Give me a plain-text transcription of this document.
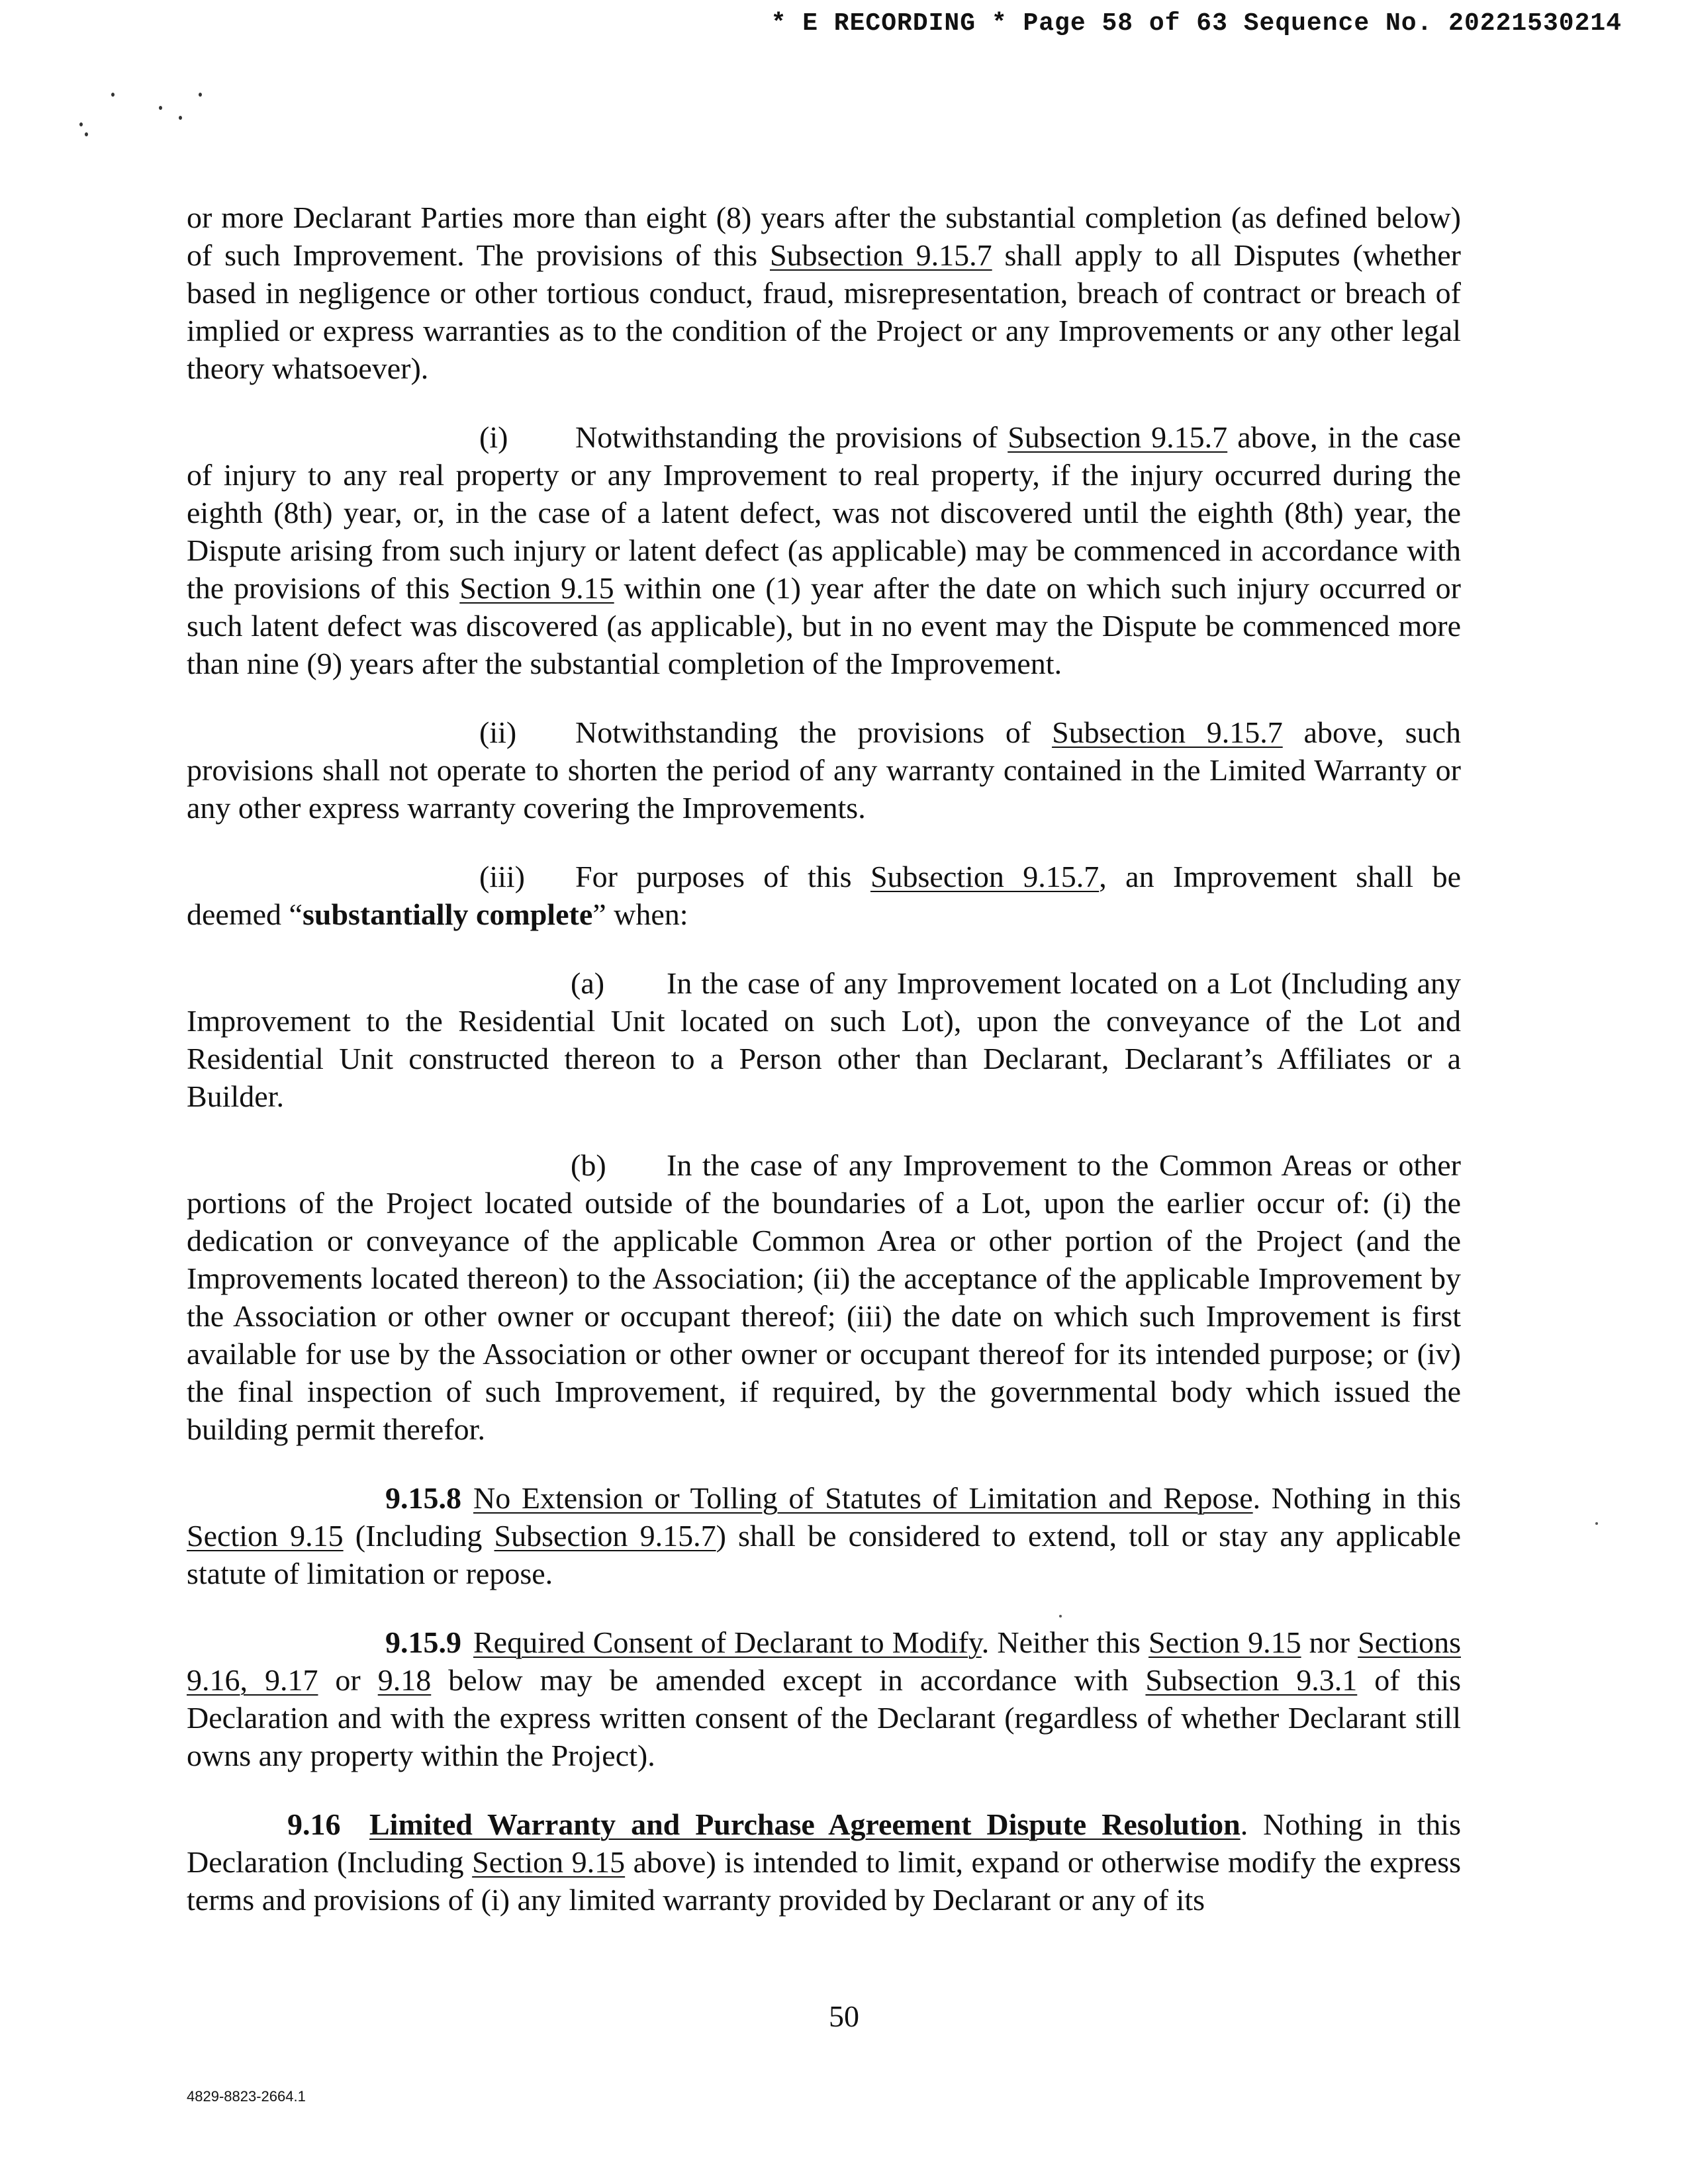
* E RECORDING * Page 58 of 63 Sequence No. 20221530214

or more Declarant Parties more than eight (8) years after the substantial completion (as defined below) of such Improvement. The provisions of this Subsection 9.15.7 shall apply to all Disputes (whether based in negligence or other tortious conduct, fraud, misrepresentation, breach of contract or breach of implied or express warranties as to the condition of the Project or any Improvements or any other legal theory whatsoever).

(i) Notwithstanding the provisions of Subsection 9.15.7 above, in the case of injury to any real property or any Improvement to real property, if the injury occurred during the eighth (8th) year, or, in the case of a latent defect, was not discovered until the eighth (8th) year, the Dispute arising from such injury or latent defect (as applicable) may be commenced in accordance with the provisions of this Section 9.15 within one (1) year after the date on which such injury occurred or such latent defect was discovered (as applicable), but in no event may the Dispute be commenced more than nine (9) years after the substantial completion of the Improvement.

(ii) Notwithstanding the provisions of Subsection 9.15.7 above, such provisions shall not operate to shorten the period of any warranty contained in the Limited Warranty or any other express warranty covering the Improvements.

(iii) For purposes of this Subsection 9.15.7, an Improvement shall be deemed “substantially complete” when:

(a) In the case of any Improvement located on a Lot (Including any Improvement to the Residential Unit located on such Lot), upon the conveyance of the Lot and Residential Unit constructed thereon to a Person other than Declarant, Declarant’s Affiliates or a Builder.

(b) In the case of any Improvement to the Common Areas or other portions of the Project located outside of the boundaries of a Lot, upon the earlier occur of: (i) the dedication or conveyance of the applicable Common Area or other portion of the Project (and the Improvements located thereon) to the Association; (ii) the acceptance of the applicable Improvement by the Association or other owner or occupant thereof; (iii) the date on which such Improvement is first available for use by the Association or other owner or occupant thereof for its intended purpose; or (iv) the final inspection of such Improvement, if required, by the governmental body which issued the building permit therefor.

9.15.8 No Extension or Tolling of Statutes of Limitation and Repose. Nothing in this Section 9.15 (Including Subsection 9.15.7) shall be considered to extend, toll or stay any applicable statute of limitation or repose.

9.15.9 Required Consent of Declarant to Modify. Neither this Section 9.15 nor Sections 9.16, 9.17 or 9.18 below may be amended except in accordance with Subsection 9.3.1 of this Declaration and with the express written consent of the Declarant (regardless of whether Declarant still owns any property within the Project).

9.16 Limited Warranty and Purchase Agreement Dispute Resolution. Nothing in this Declaration (Including Section 9.15 above) is intended to limit, expand or otherwise modify the express terms and provisions of (i) any limited warranty provided by Declarant or any of its

50
4829-8823-2664.1
